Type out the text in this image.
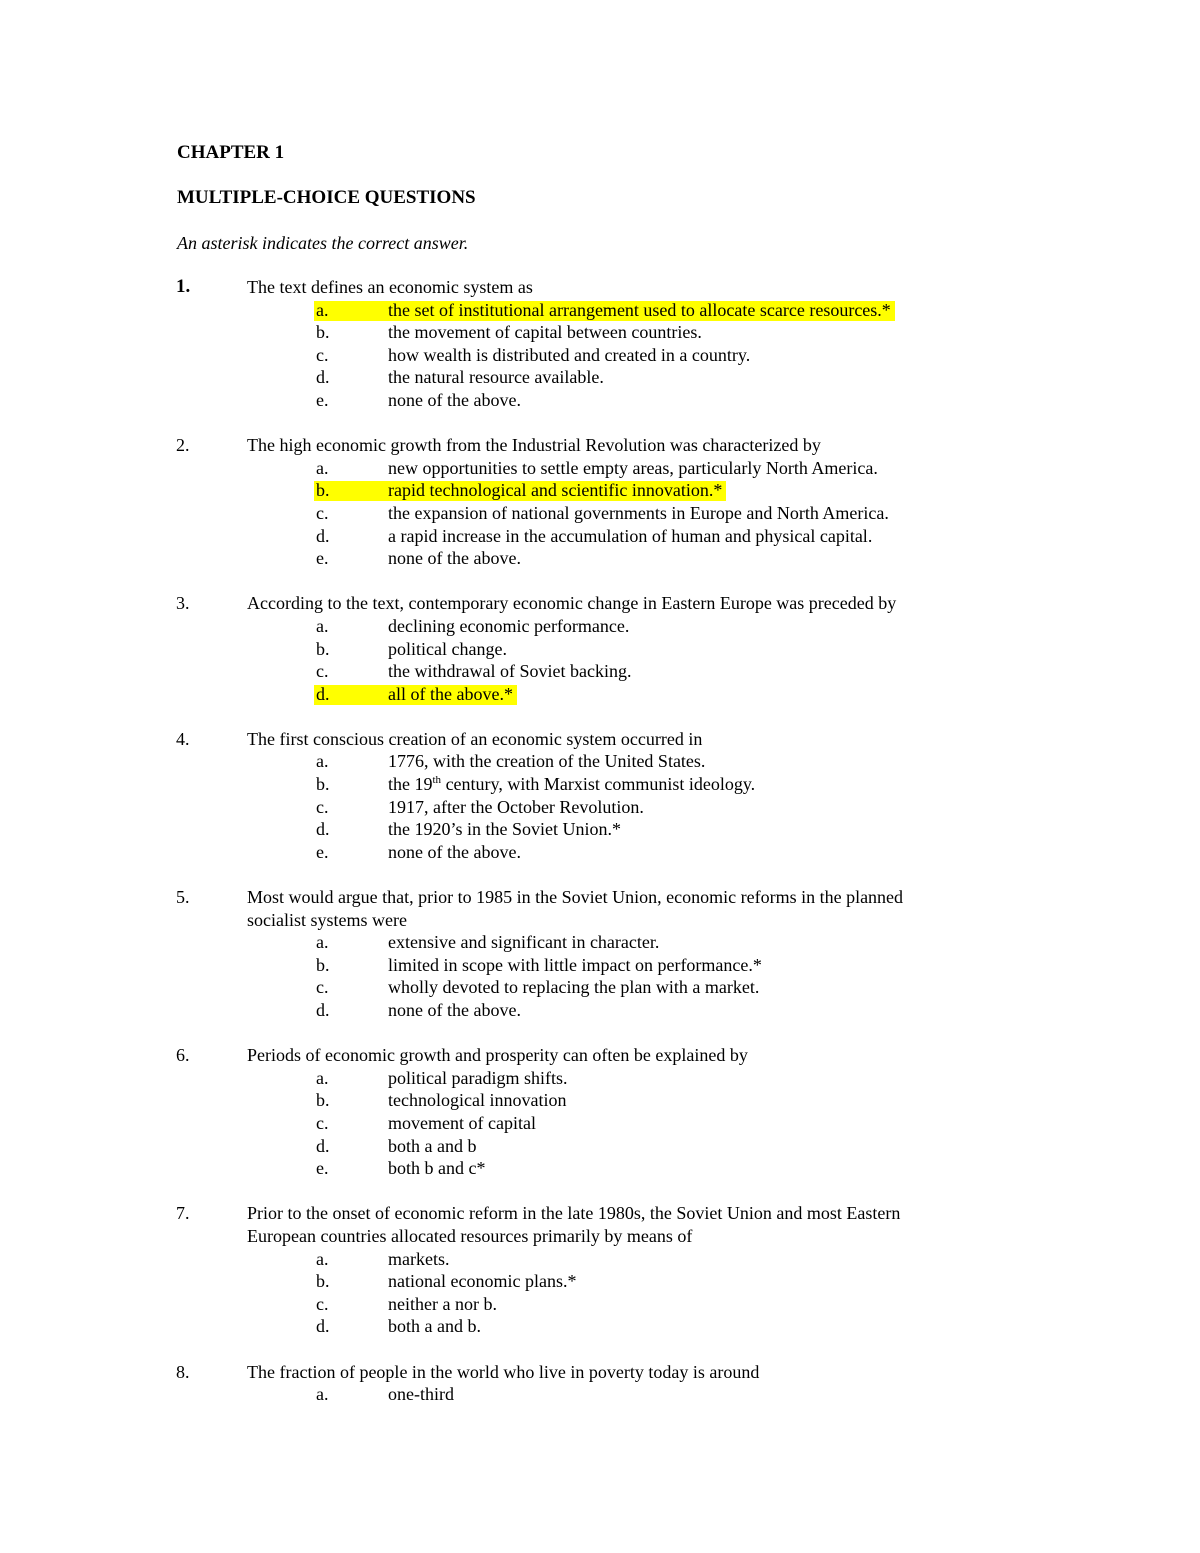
CHAPTER 1
MULTIPLE-CHOICE QUESTIONS
An asterisk indicates the correct answer.
1.	The text defines an economic system as
a.	the set of institutional arrangement used to allocate scarce resources.*
b.	the movement of capital between countries.
c.	how wealth is distributed and created in a country.
d.	the natural resource available.
e.	none of the above.
2.	The high economic growth from the Industrial Revolution was characterized by
a.	new opportunities to settle empty areas, particularly North America.
b.	rapid technological and scientific innovation.*
c.	the expansion of national governments in Europe and North America.
d.	a rapid increase in the accumulation of human and physical capital.
e.	none of the above.
3.	According to the text, contemporary economic change in Eastern Europe was preceded by
a.	declining economic performance.
b.	political change.
c.	the withdrawal of Soviet backing.
d.	all of the above.*
4.	The first conscious creation of an economic system occurred in
a.	1776, with the creation of the United States.
b.	the 19th century, with Marxist communist ideology.
c.	1917, after the October Revolution.
d.	the 1920’s in the Soviet Union.*
e.	none of the above.
5.	Most would argue that, prior to 1985 in the Soviet Union, economic reforms in the planned
socialist systems were
a.	extensive and significant in character.
b.	limited in scope with little impact on performance.*
c.	wholly devoted to replacing the plan with a market.
d.	none of the above.
6.	Periods of economic growth and prosperity can often be explained by
a.	political paradigm shifts.
b.	technological innovation
c.	movement of capital
d.	both a and b
e.	both b and c*
7.	Prior to the onset of economic reform in the late 1980s, the Soviet Union and most Eastern
European countries allocated resources primarily by means of
a.	markets.
b.	national economic plans.*
c.	neither a nor b.
d.	both a and b.
8.	The fraction of people in the world who live in poverty today is around
a.	one-third
